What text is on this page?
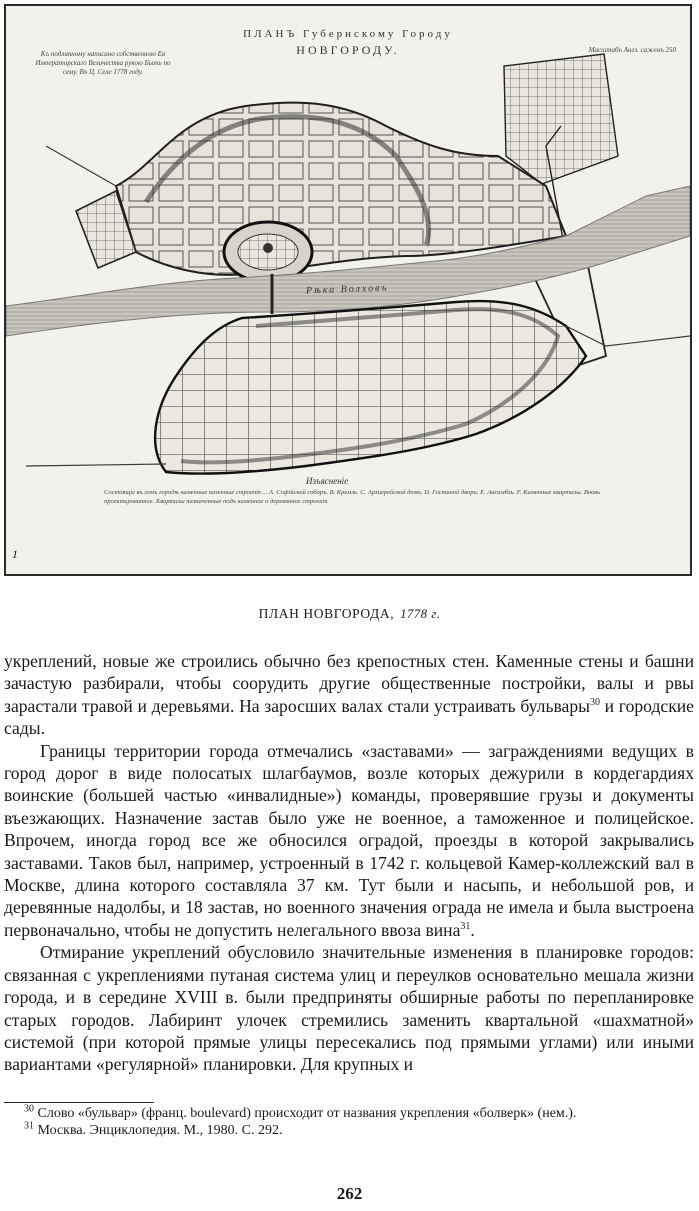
ПЛАНЪ Губернскому Городу
НОВГОРОДУ.
Къ подлинному написано собственною Ея Императорскаго Величества рукою Быть по сему. Въ Ц. Селе 1778 году.
Масштабъ Англ. саженъ 250
Рѣка Волховъ
Изъясненіе
Состоящіе въ семъ городѣ каменные казенные строенія ... А. Софійской соборъ. В. Кремль. С. Архиерейской домъ. D. Гостиной дворъ. Е. Ансамбль. F. Каменные кварталы. Вновь проектированное. Кварталы назначенные подъ каменное и деревянное строенія.
1
ПЛАН НОВГОРОДА, 1778 г.

укреплений, новые же строились обычно без крепостных стен. Каменные стены и башни зачастую разбирали, чтобы соорудить другие общественные постройки, валы и рвы зарастали травой и деревьями. На заросших валах стали устраивать бульвары$^{30}$ и городские сады.

Границы территории города отмечались «заставами» — заграждениями ведущих в город дорог в виде полосатых шлагбаумов, возле которых дежурили в кордегардиях воинские (большей частью «инвалидные») команды, проверявшие грузы и документы въезжающих. Назначение застав было уже не военное, а таможенное и полицейское. Впрочем, иногда город все же обносился оградой, проезды в которой закрывались заставами. Таков был, например, устроенный в 1742 г. кольцевой Камер-коллежский вал в Москве, длина которого составляла 37 км. Тут были и насыпь, и небольшой ров, и деревянные надолбы, и 18 застав, но военного значения ограда не имела и была выстроена первоначально, чтобы не допустить нелегального ввоза вина$^{31}$.

Отмирание укреплений обусловило значительные изменения в планировке городов: связанная с укреплениями путаная система улиц и переулков основательно мешала жизни города, и в середине XVIII в. были предприняты обширные работы по перепланировке старых городов. Лабиринт улочек стремились заменить квартальной «шахматной» системой (при которой прямые улицы пересекались под прямыми углами) или иными вариантами «регулярной» планировки. Для крупных и

$^{30}$ Слово «бульвар» (франц. boulevard) происходит от названия укрепления «болверк» (нем.).

$^{31}$ Москва. Энциклопедия. М., 1980. С. 292.

262
